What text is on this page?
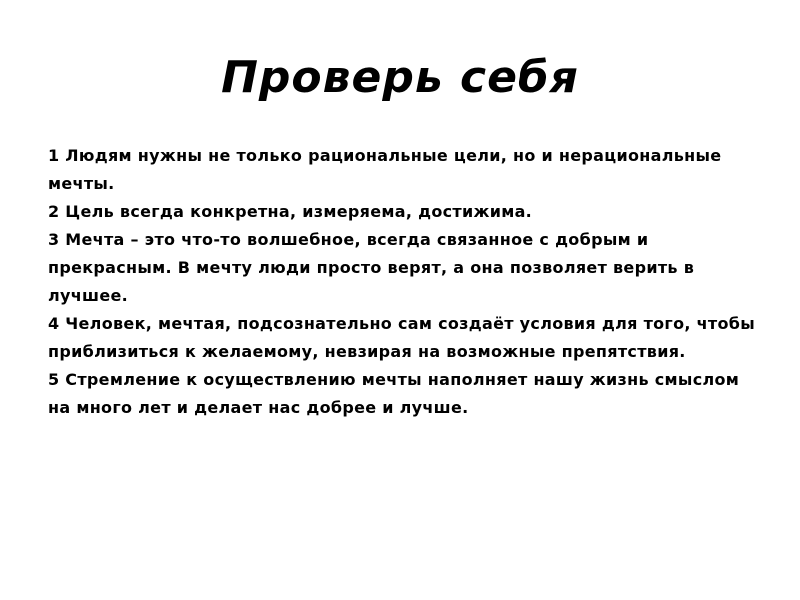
Проверь себя

1 Людям нужны не только рациональные цели, но и нерациональные

мечты.

2 Цель всегда конкретна, измеряема, достижима.

3 Мечта – это что-то волшебное, всегда связанное с добрым и

прекрасным. В мечту люди просто верят, а она позволяет верить в

лучшее.

4 Человек, мечтая, подсознательно сам создаёт условия для того, чтобы

приблизиться к желаемому, невзирая на возможные препятствия.

5 Стремление к осуществлению мечты наполняет нашу жизнь смыслом

на много лет и делает нас добрее и лучше.
